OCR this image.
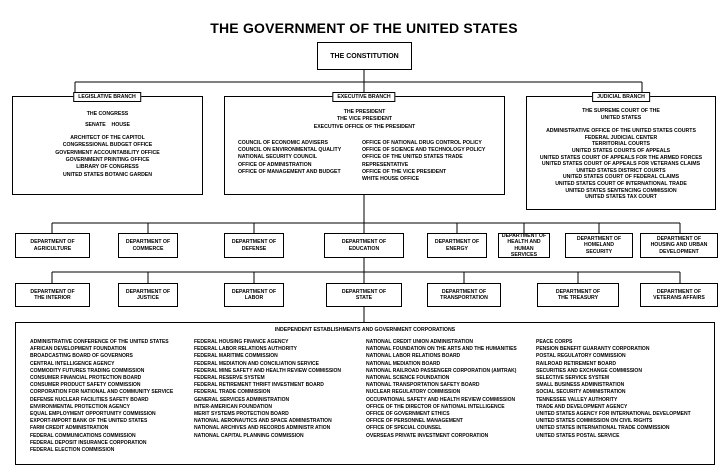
THE GOVERNMENT OF THE UNITED STATES
THE CONSTITUTION
LEGISLATIVE BRANCH
THE CONGRESS
SENATE    HOUSE
ARCHITECT OF THE CAPITOL
CONGRESSIONAL BUDGET OFFICE
GOVERNMENT ACCOUNTABILITY OFFICE
GOVERNMENT PRINTING OFFICE
LIBRARY OF CONGRESS
UNITED STATES BOTANIC GARDEN
EXECUTIVE BRANCH
THE PRESIDENT
THE VICE PRESIDENT
EXECUTIVE OFFICE OF THE PRESIDENT
COUNCIL OF ECONOMIC ADVISERS
COUNCIL ON ENVIRONMENTAL QUALITY
NATIONAL SECURITY COUNCIL
OFFICE OF ADMINISTRATION
OFFICE OF MANAGEMENT AND BUDGET
OFFICE OF NATIONAL DRUG CONTROL POLICY
OFFICE OF SCIENCE AND TECHNOLOGY POLICY
OFFICE OF THE UNITED STATES TRADE
REPRESENTATIVE
OFFICE OF THE VICE PRESIDENT
WHITE HOUSE OFFICE
JUDICIAL BRANCH
THE SUPREME COURT OF THE
UNITED STATES
ADMINISTRATIVE OFFICE OF THE UNITED STATES COURTS
FEDERAL JUDICIAL CENTER
TERRITORIAL COURTS
UNITED STATES COURTS OF APPEALS
UNITED STATES COURT OF APPEALS FOR THE ARMED FORCES
UNITED STATES COURT OF APPEALS FOR VETERANS CLAIMS
UNITED STATES DISTRICT COURTS
UNITED STATES COURT OF FEDERAL CLAIMS
UNITED STATES COURT OF INTERNATIONAL TRADE
UNITED STATES SENTENCING COMMISSION
UNITED STATES TAX COURT
DEPARTMENT OF
AGRICULTURE
DEPARTMENT OF
COMMERCE
DEPARTMENT OF
DEFENSE
DEPARTMENT OF
EDUCATION
DEPARTMENT OF
ENERGY
DEPARTMENT OF
HEALTH AND HUMAN
SERVICES
DEPARTMENT OF
HOMELAND
SECURITY
DEPARTMENT OF
HOUSING AND URBAN
DEVELOPMENT
DEPARTMENT OF
THE INTERIOR
DEPARTMENT OF
JUSTICE
DEPARTMENT OF
LABOR
DEPARTMENT OF
STATE
DEPARTMENT OF
TRANSPORTATION
DEPARTMENT OF
THE TREASURY
DEPARTMENT OF
VETERANS AFFAIRS
INDEPENDENT ESTABLISHMENTS AND GOVERNMENT CORPORATIONS
ADMINISTRATIVE CONFERENCE OF THE UNITED STATES
AFRICAN DEVELOPMENT FOUNDATION
BROADCASTING BOARD OF GOVERNORS
CENTRAL INTELLIGENCE AGENCY
COMMODITY FUTURES TRADING COMMISSION
CONSUMER FINANCIAL PROTECTION BOARD
CONSUMER PRODUCT SAFETY COMMISSION
CORPORATION FOR NATIONAL AND COMMUNITY SERVICE
DEFENSE NUCLEAR FACILITIES SAFETY BOARD
ENVIRONMENTAL PROTECTION AGENCY
EQUAL EMPLOYMENT OPPORTUNITY COMMISSION
EXPORT-IMPORT BANK OF THE UNITED STATES
FARM CREDIT ADMINISTRATION
FEDERAL COMMUNICATIONS COMMISSION
FEDERAL DEPOSIT INSURANCE CORPORATION
FEDERAL ELECTION COMMISSION
FEDERAL HOUSING FINANCE AGENCY
FEDERAL LABOR RELATIONS AUTHORITY
FEDERAL MARITIME COMMISSION
FEDERAL MEDIATION AND CONCILIATION SERVICE
FEDERAL MINE SAFETY AND HEALTH REVIEW COMMISSION
FEDERAL RESERVE SYSTEM
FEDERAL RETIREMENT THRIFT INVESTMENT BOARD
FEDERAL TRADE COMMISSION
GENERAL SERVICES ADMINISTRATION
INTER-AMERICAN FOUNDATION
MERIT SYSTEMS PROTECTION BOARD
NATIONAL AERONAUTICS AND SPACE ADMINISTRATION
NATIONAL ARCHIVES AND RECORDS ADMINISTR ATION
NATIONAL CAPITAL PLANNING COMMISSION
NATIONAL CREDIT UNION ADMINISTRATION
NATIONAL FOUNDATION ON THE ARTS AND THE HUMANITIES
NATIONAL LABOR RELATIONS BOARD
NATIONAL MEDIATION BOARD
NATIONAL RAILROAD PASSENGER CORPORATION (AMTRAK)
NATIONAL SCIENCE FOUNDATION
NATIONAL TRANSPORTATION SAFETY BOARD
NUCLEAR REGULATORY COMMISSION
OCCUPATIONAL SAFETY AND HEALTH REVIEW COMMISSION
OFFICE OF THE DIRECTOR OF NATIONAL INTELLIGENCE
OFFICE OF GOVERNMENT ETHICS
OFFICE OF PERSONNEL MANAGEMENT
OFFICE OF SPECIAL COUNSEL
OVERSEAS PRIVATE INVESTMENT CORPORATION
PEACE CORPS
PENSION BENEFIT GUARANTY CORPORATION
POSTAL REGULATORY COMMISSION
RAILROAD RETIREMENT BOARD
SECURITIES AND EXCHANGE COMMISSION
SELECTIVE SERVICE SYSTEM
SMALL BUSINESS ADMINISTRATION
SOCIAL SECURITY ADMINISTRATION
TENNESSEE VALLEY AUTHORITY
TRADE AND DEVELOPMENT AGENCY
UNITED STATES AGENCY FOR INTERNATIONAL DEVELOPMENT
UNITED STATES COMMISSION ON CIVIL RIGHTS
UNITED STATES INTERNATIONAL TRADE COMMISSION
UNITED STATES POSTAL SERVICE
